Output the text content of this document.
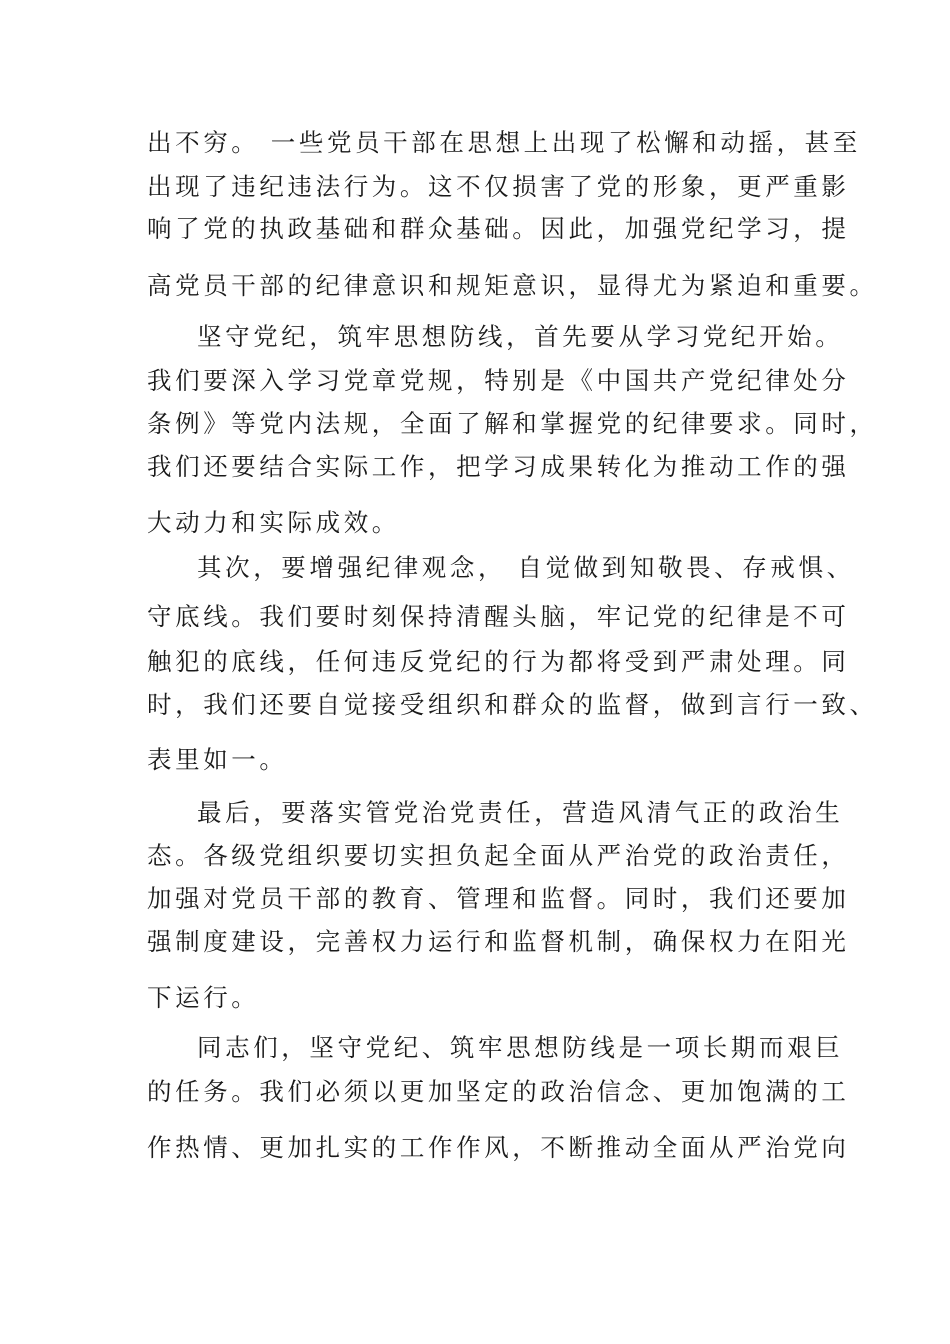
出不穷。 一些党员干部在思想上出现了松懈和动摇，甚至
出现了违纪违法行为。这不仅损害了党的形象，更严重影
响了党的执政基础和群众基础。因此，加强党纪学习，提
高党员干部的纪律意识和规矩意识，显得尤为紧迫和重要。
坚守党纪，筑牢思想防线，首先要从学习党纪开始。
我们要深入学习党章党规，特别是《中国共产党纪律处分
条例》等党内法规，全面了解和掌握党的纪律要求。同时，
我们还要结合实际工作，把学习成果转化为推动工作的强
大动力和实际成效。
其次，要增强纪律观念， 自觉做到知敬畏、存戒惧、
守底线。我们要时刻保持清醒头脑，牢记党的纪律是不可
触犯的底线，任何违反党纪的行为都将受到严肃处理。同
时，我们还要自觉接受组织和群众的监督，做到言行一致、
表里如一。
最后，要落实管党治党责任，营造风清气正的政治生
态。各级党组织要切实担负起全面从严治党的政治责任，
加强对党员干部的教育、管理和监督。同时，我们还要加
强制度建设，完善权力运行和监督机制，确保权力在阳光
下运行。
同志们，坚守党纪、筑牢思想防线是一项长期而艰巨
的任务。我们必须以更加坚定的政治信念、更加饱满的工
作热情、更加扎实的工作作风，不断推动全面从严治党向
